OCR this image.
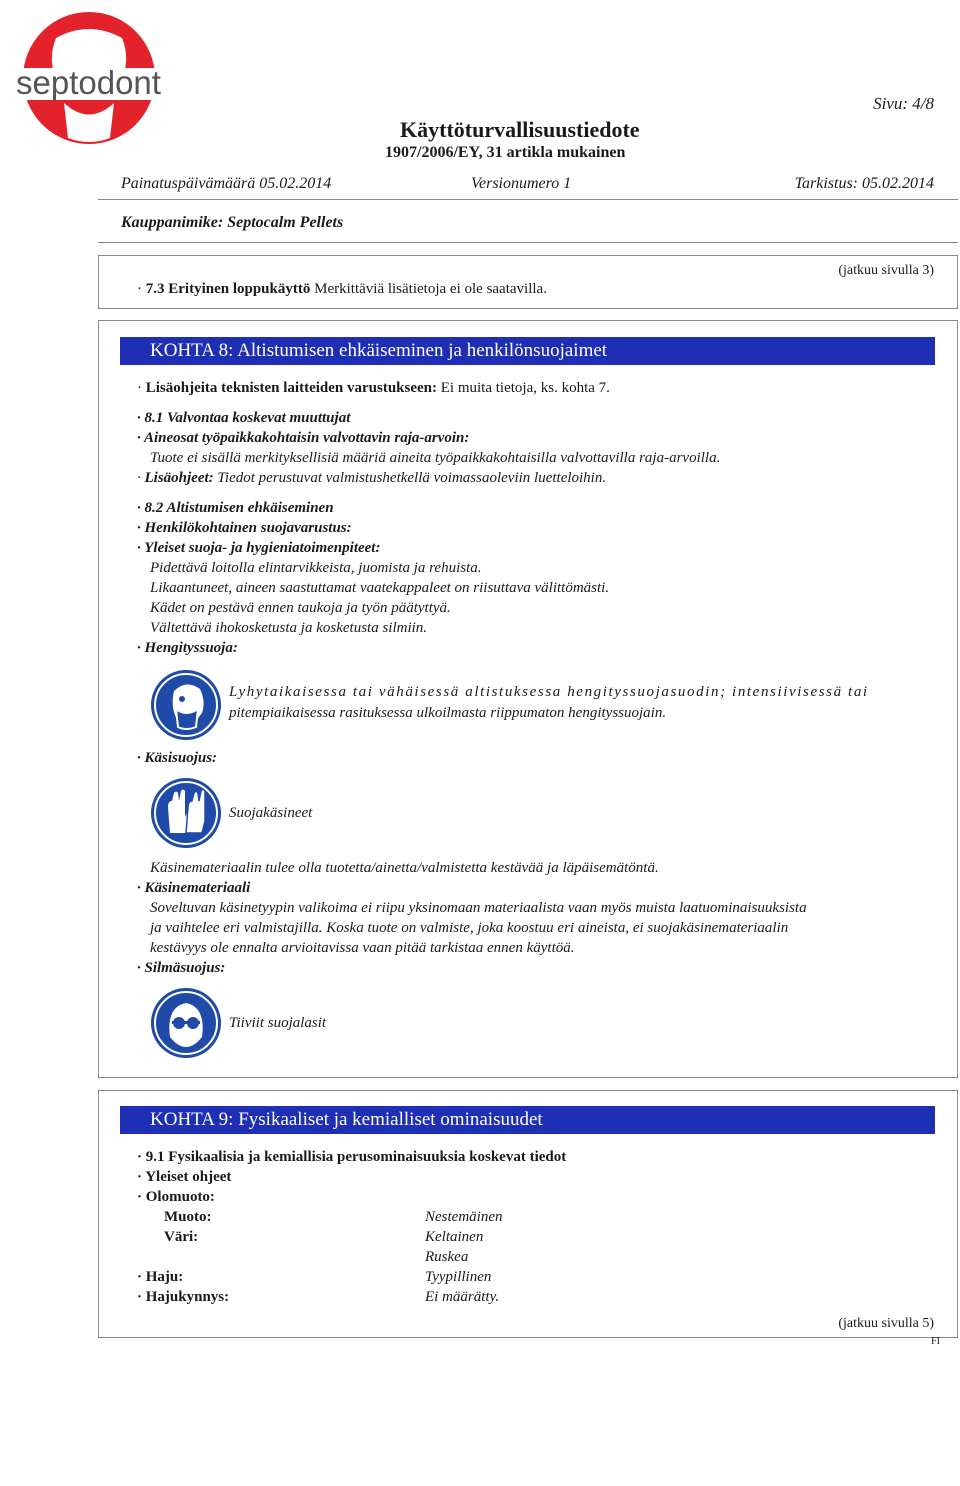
septodont
Sivu: 4/8
Käyttöturvallisuustiedote
1907/2006/EY, 31 artikla mukainen
Painatuspäivämäärä 05.02.2014	Versionumero 1	Tarkistus: 05.02.2014
Kauppanimike: Septocalm Pellets
(jatkuu sivulla 3)
· 7.3 Erityinen loppukäyttö Merkittäviä lisätietoja ei ole saatavilla.
KOHTA 8: Altistumisen ehkäiseminen ja henkilönsuojaimet
· Lisäohjeita teknisten laitteiden varustukseen: Ei muita tietoja, ks. kohta 7.
· 8.1 Valvontaa koskevat muuttujat
· Aineosat työpaikkakohtaisin valvottavin raja-arvoin:
Tuote ei sisällä merkityksellisiä määriä aineita työpaikkakohtaisilla valvottavilla raja-arvoilla.
· Lisäohjeet: Tiedot perustuvat valmistushetkellä voimassaoleviin luetteloihin.
· 8.2 Altistumisen ehkäiseminen
· Henkilökohtainen suojavarustus:
· Yleiset suoja- ja hygieniatoimenpiteet:
Pidettävä loitolla elintarvikkeista, juomista ja rehuista.
Likaantuneet, aineen saastuttamat vaatekappaleet on riisuttava välittömästi.
Kädet on pestävä ennen taukoja ja työn päätyttyä.
Vältettävä ihokosketusta ja kosketusta silmiin.
· Hengityssuoja:
Lyhytaikaisessa tai vähäisessä altistuksessa hengityssuojasuodin; intensiivisessä tai
pitempiaikaisessa rasituksessa ulkoilmasta riippumaton hengityssuojain.
· Käsisuojus:
Suojakäsineet
Käsinemateriaalin tulee olla tuotetta/ainetta/valmistetta kestävää ja läpäisemätöntä.
· Käsinemateriaali
Soveltuvan käsinetyypin valikoima ei riipu yksinomaan materiaalista vaan myös muista laatuominaisuuksista
ja vaihtelee eri valmistajilla. Koska tuote on valmiste, joka koostuu eri aineista, ei suojakäsinemateriaalin
kestävyys ole ennalta arvioitavissa vaan pitää tarkistaa ennen käyttöä.
· Silmäsuojus:
Tiiviit suojalasit
KOHTA 9: Fysikaaliset ja kemialliset ominaisuudet
· 9.1 Fysikaalisia ja kemiallisia perusominaisuuksia koskevat tiedot
· Yleiset ohjeet
· Olomuoto:
Muoto:	Nestemäinen
Väri:	Keltainen
Ruskea
· Haju:	Tyypillinen
· Hajukynnys:	Ei määrätty.
(jatkuu sivulla 5)
FI
